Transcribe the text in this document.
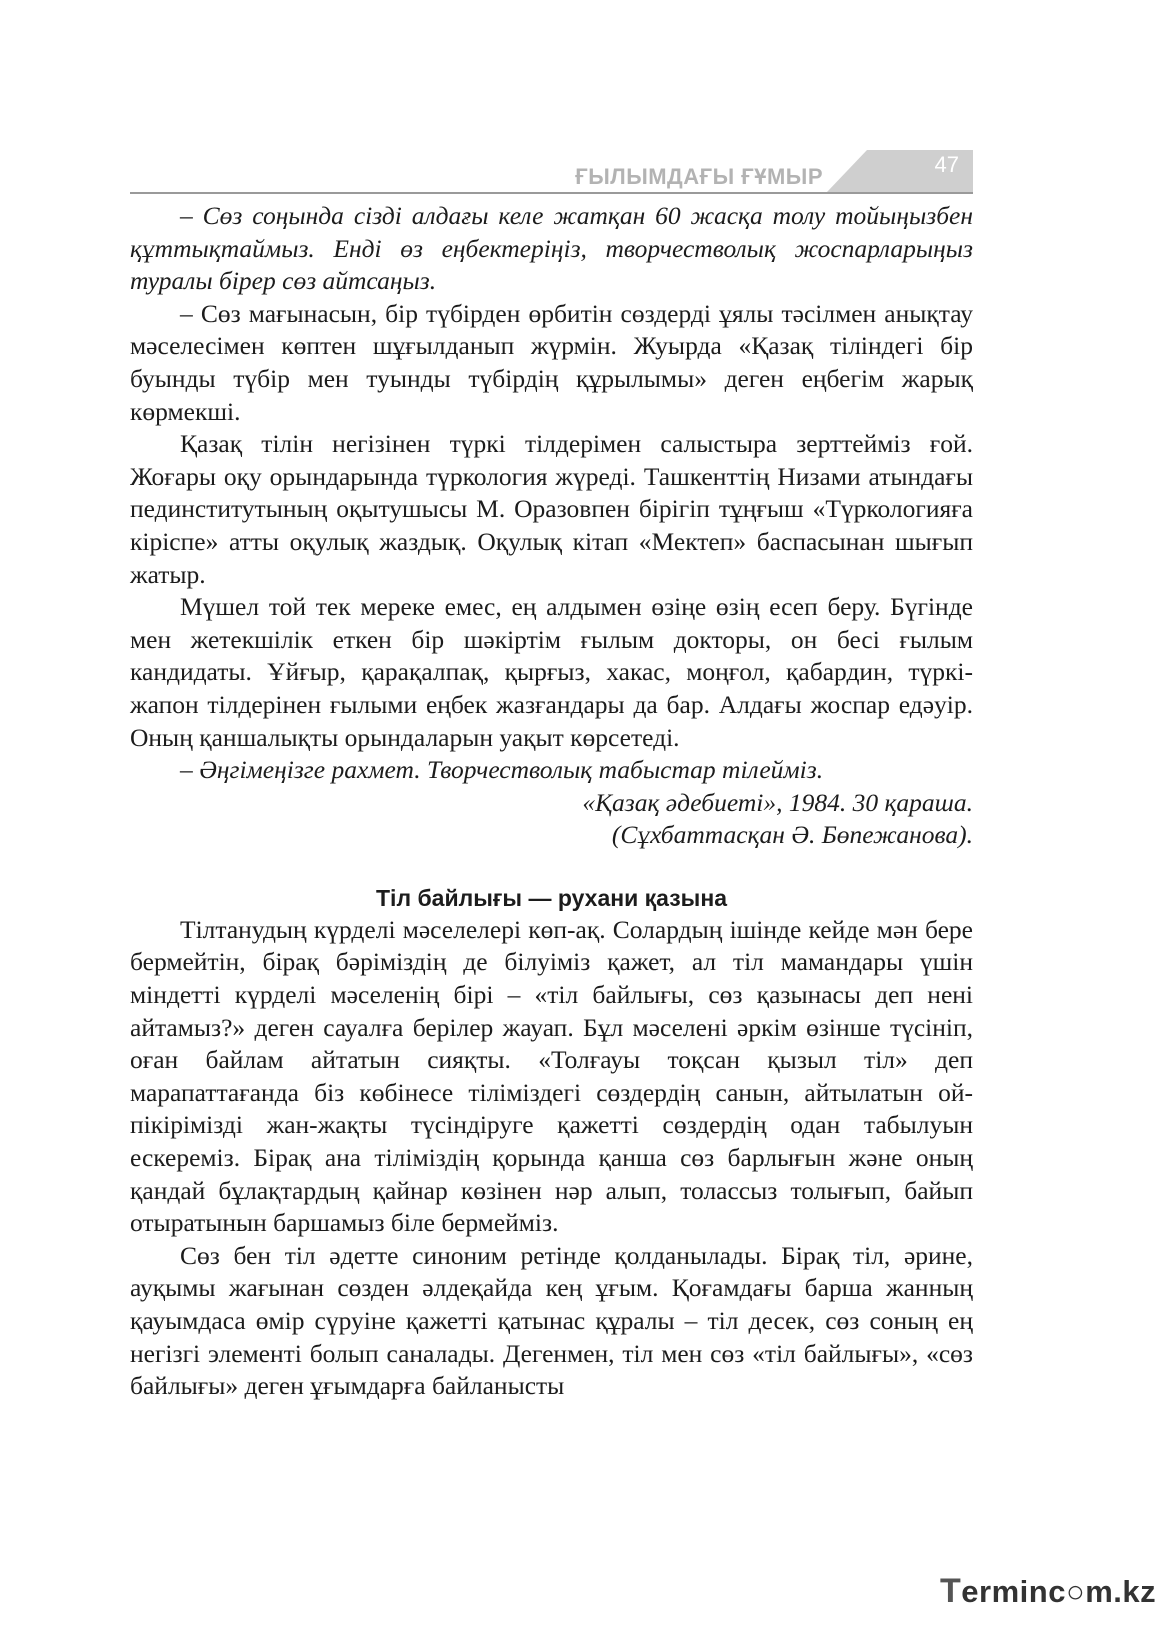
ҒЫЛЫМДАҒЫ ҒҰМЫР	47

– Сөз соңында сізді алдағы келе жатқан 60 жасқа толу тойыңызбен құттықтаймыз. Енді өз еңбектеріңіз, творчестволық жоспарларыңыз туралы бірер сөз айтсаңыз.

– Сөз мағынасын, бір түбірден өрбитін сөздерді ұялы тәсілмен анықтау мәселесімен көптен шұғылданып жүрмін. Жуырда «Қазақ тіліндегі бір буынды түбір мен туынды түбірдің құрылымы» деген еңбегім жарық көрмекші.

Қазақ тілін негізінен түркі тілдерімен салыстыра зерттейміз ғой. Жоғары оқу орындарында түркология жүреді. Ташкенттің Низами атындағы пединститутының оқытушысы М. Оразовпен бірігіп тұңғыш «Түркологияға кіріспе» атты оқулық жаздық. Оқулық кітап «Мектеп» баспасынан шығып жатыр.

Мүшел той тек мереке емес, ең алдымен өзіңе өзің есеп беру. Бүгінде мен жетекшілік еткен бір шәкіртім ғылым докторы, он бесі ғылым кандидаты. Ұйғыр, қарақалпақ, қырғыз, хакас, моңғол, қабардин, түркі-жапон тілдерінен ғылыми еңбек жазғандары да бар. Алдағы жоспар едәуір. Оның қаншалықты орындаларын уақыт көрсетеді.

– Әңгімеңізге рахмет. Творчестволық табыстар тілейміз.

«Қазақ әдебиеті», 1984. 30 қараша.

(Сұхбаттасқан Ә. Бөпежанова).

Тіл байлығы — рухани қазына

Тілтанудың күрделі мәселелері көп-ақ. Солардың ішінде кейде мән бере бермейтін, бірақ бәріміздің де білуіміз қажет, ал тіл мамандары үшін міндетті күрделі мәселенің бірі – «тіл байлығы, сөз қазынасы деп нені айтамыз?» деген сауалға берілер жауап. Бұл мәселені әркім өзінше түсініп, оған байлам айтатын сияқты. «Толғауы тоқсан қызыл тіл» деп марапаттағанда біз көбінесе тіліміздегі сөздердің санын, айтылатын ой-пікірімізді жан-жақты түсіндіруге қажетті сөздердің одан табылуын ескереміз. Бірақ ана тіліміздің қорында қанша сөз барлығын және оның қандай бұлақтардың қайнар көзінен нәр алып, толассыз толығып, байып отыратынын баршамыз біле бермейміз.

Сөз бен тіл әдетте синоним ретінде қолданылады. Бірақ тіл, әрине, ауқымы жағынан сөзден әлдеқайда кең ұғым. Қоғамдағы барша жанның қауымдаса өмір сүруіне қажетті қатынас құралы – тіл десек, сөз соның ең негізгі элементі болып саналады. Дегенмен, тіл мен сөз «тіл байлығы», «сөз байлығы» деген ұғымдарға байланысты

Terminc○m.kz
